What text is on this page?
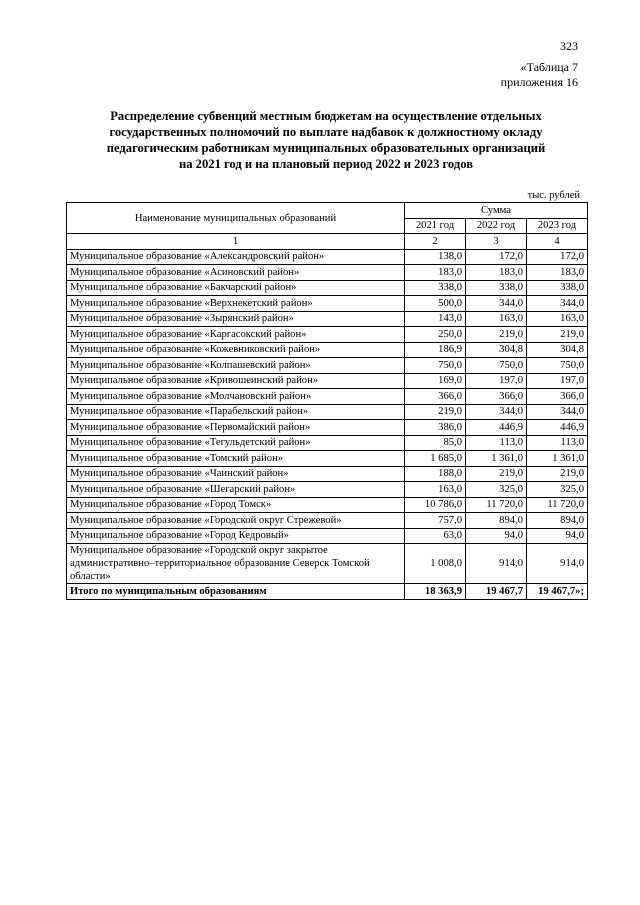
323
«Таблица 7
приложения 16
Распределение субвенций местным бюджетам на осуществление отдельных
государственных полномочий по выплате надбавок к должностному окладу
педагогическим работникам муниципальных образовательных организаций
на 2021 год и на плановый период 2022 и 2023 годов
тыс. рублей
Наименование муниципальных образований	Сумма		
	2021 год	2022 год	2023 год
1	2	3	4
Муниципальное образование «Александровский район»	138,0	172,0	172,0
Муниципальное образование «Асиновский район»	183,0	183,0	183,0
Муниципальное образование «Бакчарский район»	338,0	338,0	338,0
Муниципальное образование «Верхнекетский район»	500,0	344,0	344,0
Муниципальное образование «Зырянский район»	143,0	163,0	163,0
Муниципальное образование «Каргасокский район»	250,0	219,0	219,0
Муниципальное образование «Кожевниковский район»	186,9	304,8	304,8
Муниципальное образование «Колпашевский район»	750,0	750,0	750,0
Муниципальное образование «Кривошеинский район»	169,0	197,0	197,0
Муниципальное образование «Молчановский район»	366,0	366,0	366,0
Муниципальное образование «Парабельский район»	219,0	344,0	344,0
Муниципальное образование «Первомайский район»	386,0	446,9	446,9
Муниципальное образование «Тегульдетский район»	85,0	113,0	113,0
Муниципальное образование «Томский район»	1 685,0	1 361,0	1 361,0
Муниципальное образование «Чаинский район»	188,0	219,0	219,0
Муниципальное образование «Шегарский район»	163,0	325,0	325,0
Муниципальное образование «Город Томск»	10 786,0	11 720,0	11 720,0
Муниципальное образование «Городской округ Стрежевой»	757,0	894,0	894,0
Муниципальное образование «Город Кедровый»	63,0	94,0	94,0
Муниципальное образование «Городской округ закрытое административно–территориальное образование Северск Томской области»	1 008,0	914,0	914,0
Итого по муниципальным образованиям	18 363,9	19 467,7	19 467,7»;
